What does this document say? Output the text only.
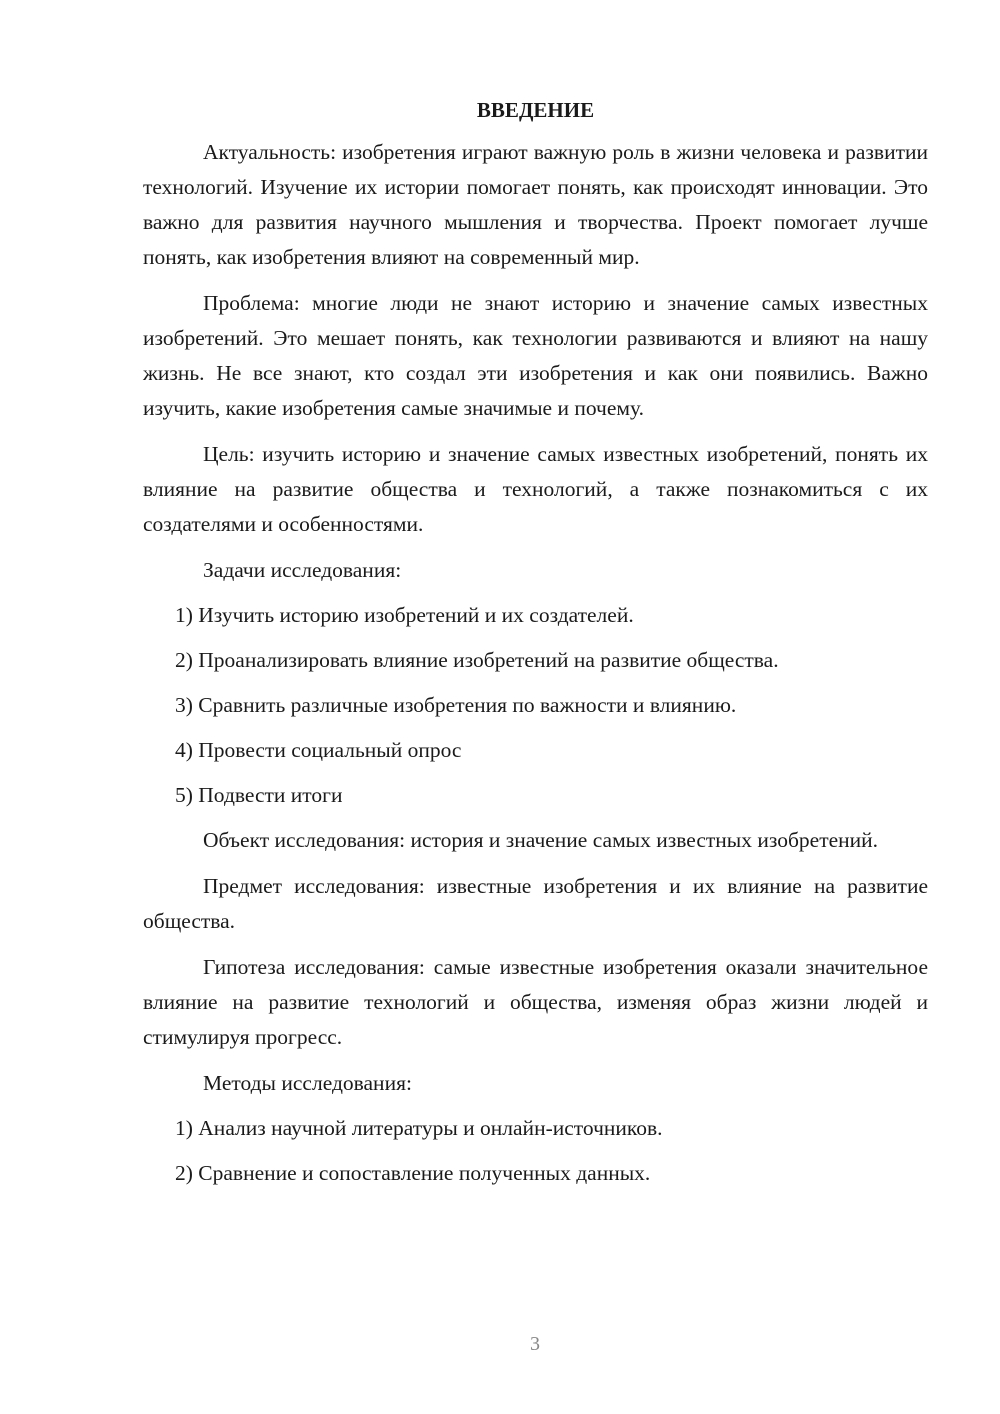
ВВЕДЕНИЕ

Актуальность: изобретения играют важную роль в жизни человека и развитии технологий. Изучение их истории помогает понять, как происходят инновации. Это важно для развития научного мышления и творчества. Проект помогает лучше понять, как изобретения влияют на современный мир.

Проблема: многие люди не знают историю и значение самых известных изобретений. Это мешает понять, как технологии развиваются и влияют на нашу жизнь. Не все знают, кто создал эти изобретения и как они появились. Важно изучить, какие изобретения самые значимые и почему.

Цель: изучить историю и значение самых известных изобретений, понять их влияние на развитие общества и технологий, а также познакомиться с их создателями и особенностями.

Задачи исследования:

1) Изучить историю изобретений и их создателей.
2) Проанализировать влияние изобретений на развитие общества.
3) Сравнить различные изобретения по важности и влиянию.
4) Провести социальный опрос
5) Подвести итоги

Объект исследования: история и значение самых известных изобретений.

Предмет исследования: известные изобретения и их влияние на развитие общества.

Гипотеза исследования: самые известные изобретения оказали значительное влияние на развитие технологий и общества, изменяя образ жизни людей и стимулируя прогресс.

Методы исследования:

1) Анализ научной литературы и онлайн-источников.
2) Сравнение и сопоставление полученных данных.
3
